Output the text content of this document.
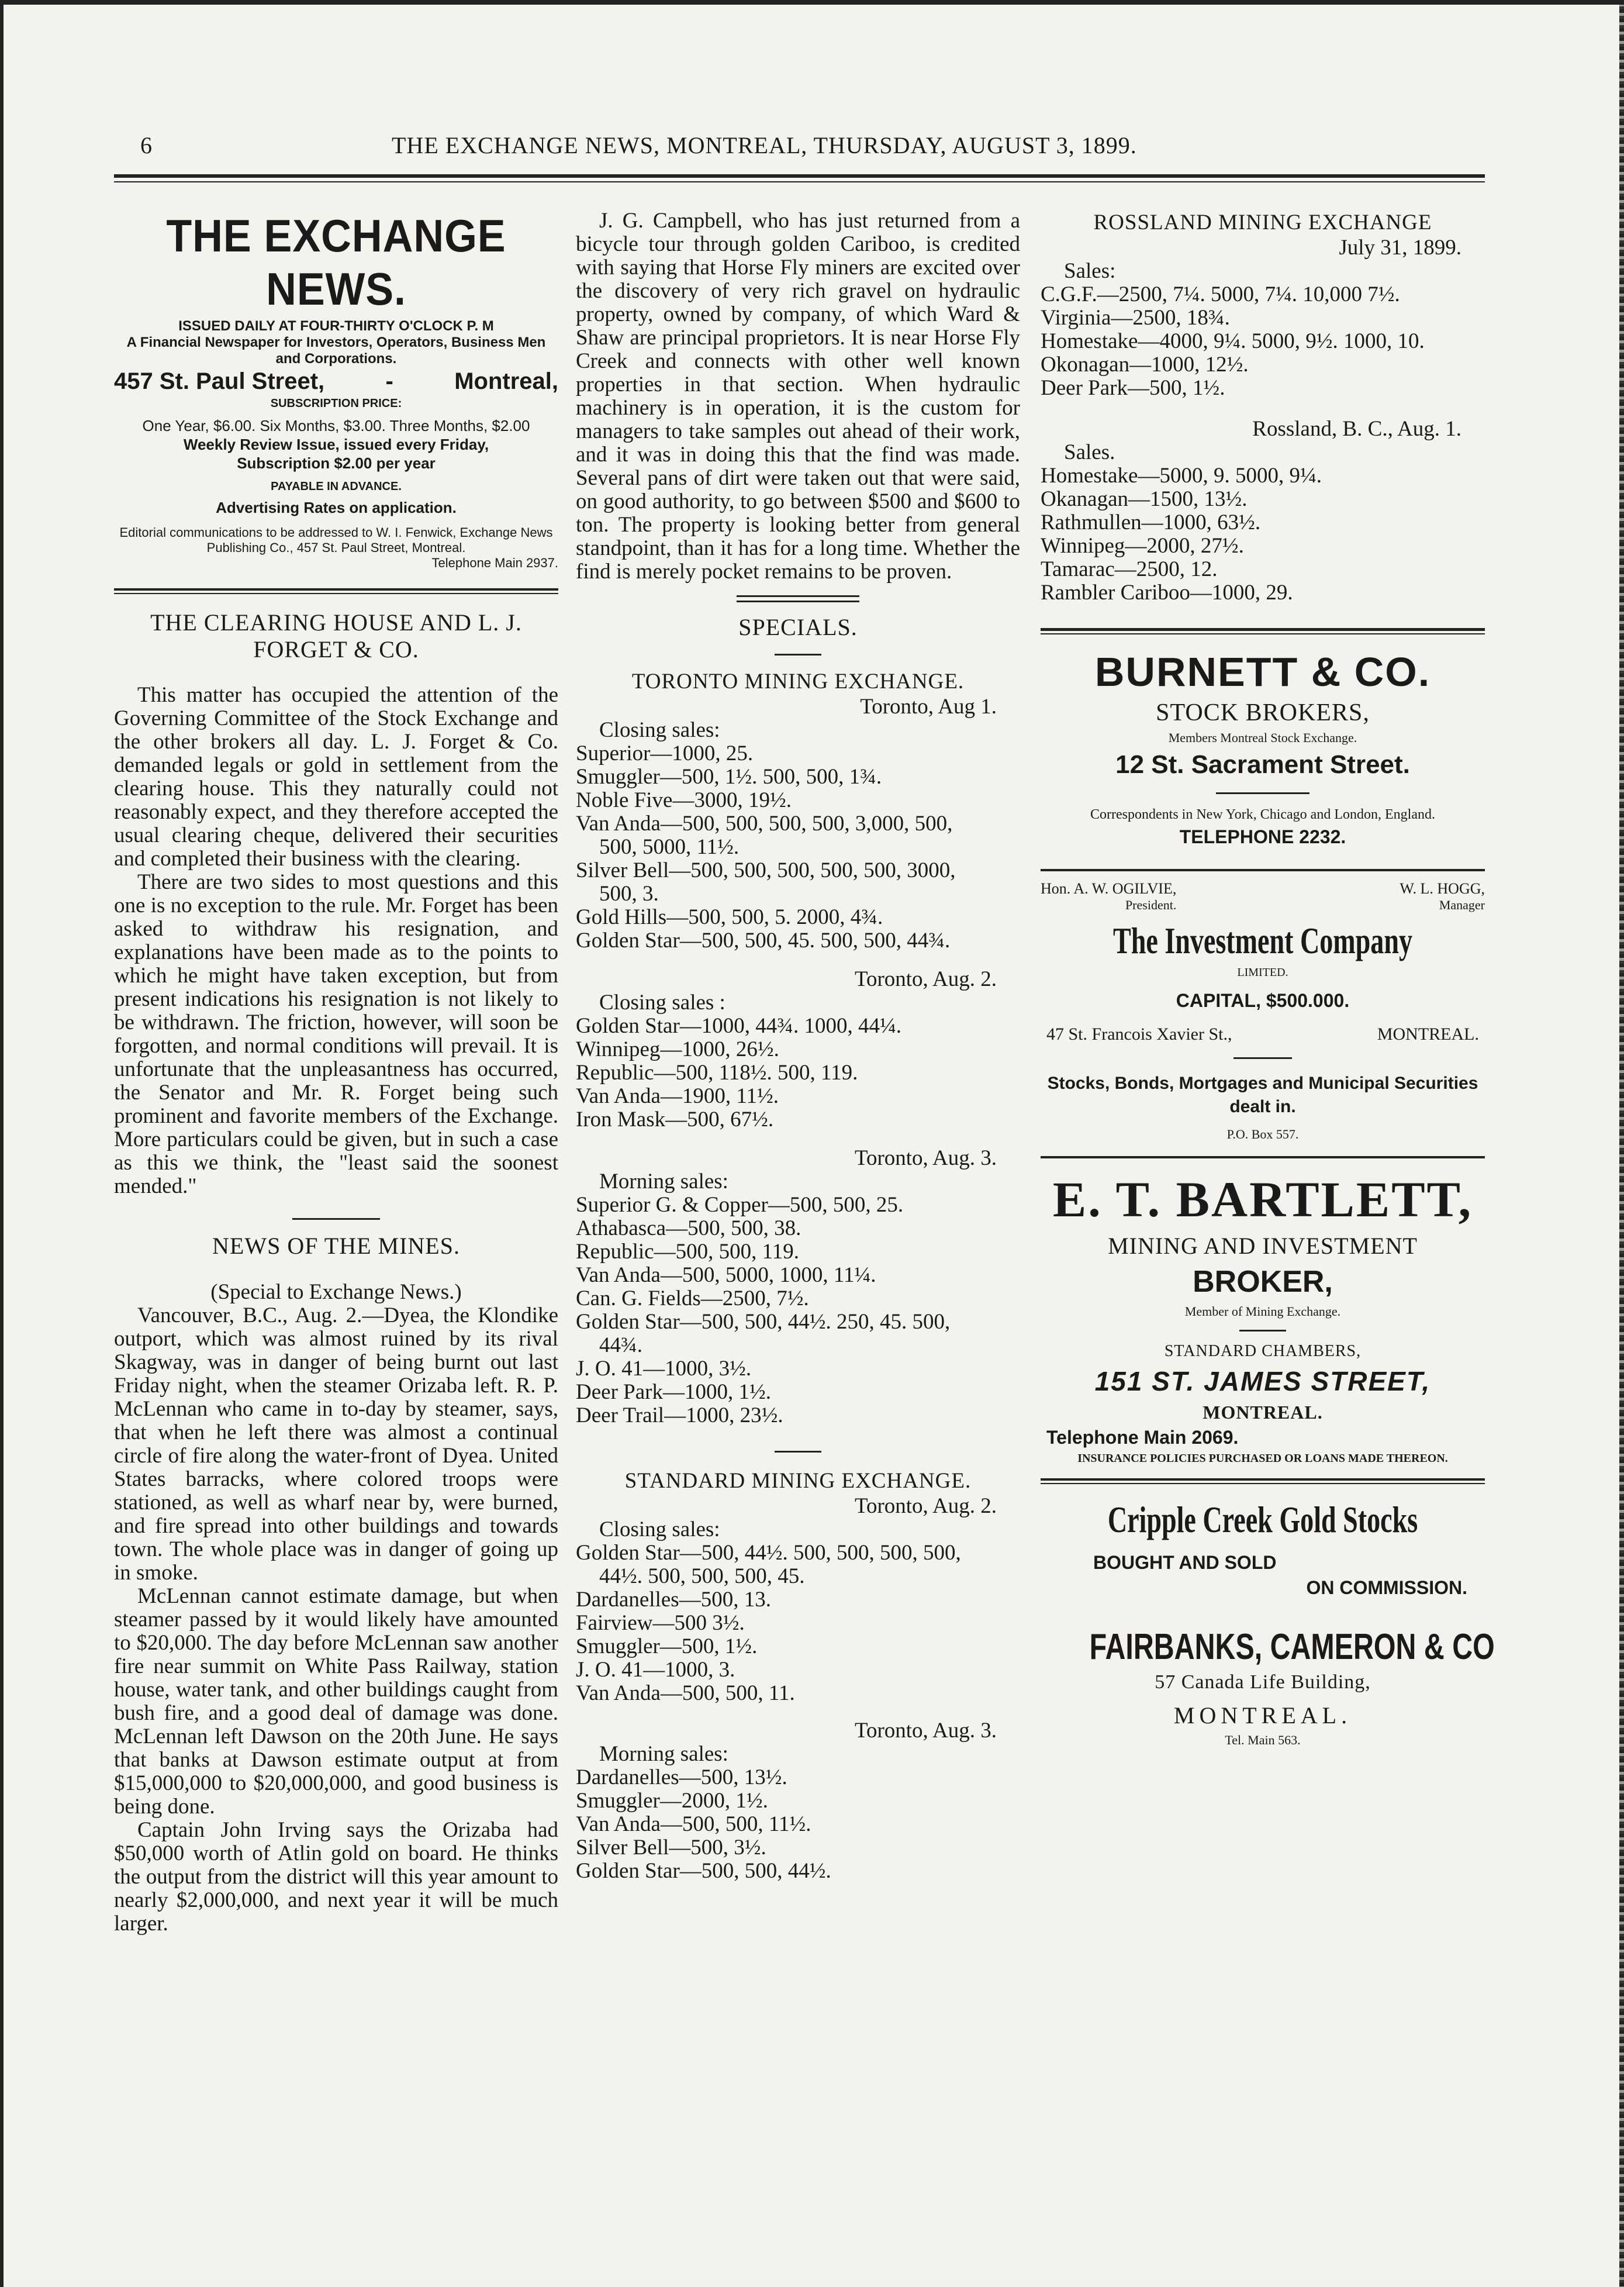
6	THE EXCHANGE NEWS, MONTREAL, THURSDAY, AUGUST 3, 1899.
THE EXCHANGE NEWS.
ISSUED DAILY AT FOUR-THIRTY O'CLOCK P. M
A Financial Newspaper for Investors, Operators, Business Men and Corporations.
457 St. Paul Street,	-	Montreal,
SUBSCRIPTION PRICE:
One Year, $6.00. Six Months, $3.00. Three Months, $2.00
Weekly Review Issue, issued every Friday,
Subscription $2.00 per year
PAYABLE IN ADVANCE.
Advertising Rates on application.
Editorial communications to be addressed to W. I. Fenwick, Exchange News Publishing Co., 457 St. Paul Street, Montreal.
Telephone Main 2937.

THE CLEARING HOUSE AND L. J.

FORGET & CO.

This matter has occupied the attention of the Governing Committee of the Stock Exchange and the other brokers all day. L. J. Forget & Co. demanded legals or gold in settlement from the clearing house. This they naturally could not reasonably expect, and they therefore accepted the usual clearing cheque, delivered their securities and completed their business with the clearing.

There are two sides to most questions and this one is no exception to the rule. Mr. Forget has been asked to withdraw his resignation, and explanations have been made as to the points to which he might have taken exception, but from present indications his resignation is not likely to be withdrawn. The friction, however, will soon be forgotten, and normal conditions will prevail. It is unfortunate that the unpleasantness has occurred, the Senator and Mr. R. Forget being such prominent and favorite members of the Exchange. More particulars could be given, but in such a case as this we think, the "least said the soonest mended."

NEWS OF THE MINES.

(Special to Exchange News.)

Vancouver, B.C., Aug. 2.—Dyea, the Klondike outport, which was almost ruined by its rival Skagway, was in danger of being burnt out last Friday night, when the steamer Orizaba left. R. P. McLennan who came in to-day by steamer, says, that when he left there was almost a continual circle of fire along the water-front of Dyea. United States barracks, where colored troops were stationed, as well as wharf near by, were burned, and fire spread into other buildings and towards town. The whole place was in danger of going up in smoke.

McLennan cannot estimate damage, but when steamer passed by it would likely have amounted to $20,000. The day before McLennan saw another fire near summit on White Pass Railway, station house, water tank, and other buildings caught from bush fire, and a good deal of damage was done. McLennan left Dawson on the 20th June. He says that banks at Dawson estimate output at from $15,000,000 to $20,000,000, and good business is being done.

Captain John Irving says the Orizaba had $50,000 worth of Atlin gold on board. He thinks the output from the district will this year amount to nearly $2,000,000, and next year it will be much larger.

J. G. Campbell, who has just returned from a bicycle tour through golden Cariboo, is credited with saying that Horse Fly miners are excited over the discovery of very rich gravel on hydraulic property, owned by company, of which Ward & Shaw are principal proprietors. It is near Horse Fly Creek and connects with other well known properties in that section. When hydraulic machinery is in operation, it is the custom for managers to take samples out ahead of their work, and it was in doing this that the find was made. Several pans of dirt were taken out that were said, on good authority, to go between $500 and $600 to ton. The property is looking better from general standpoint, than it has for a long time. Whether the find is merely pocket remains to be proven.

SPECIALS.

TORONTO MINING EXCHANGE.

Toronto, Aug 1.

Closing sales:

Superior—1000, 25.

Smuggler—500, 1½. 500, 500, 1¾.

Noble Five—3000, 19½.

Van Anda—500, 500, 500, 500, 3,000, 500,

500, 5000, 11½.

Silver Bell—500, 500, 500, 500, 500, 3000,

500, 3.

Gold Hills—500, 500, 5. 2000, 4¾.

Golden Star—500, 500, 45. 500, 500, 44¾.

Toronto, Aug. 2.

Closing sales :

Golden Star—1000, 44¾. 1000, 44¼.

Winnipeg—1000, 26½.

Republic—500, 118½. 500, 119.

Van Anda—1900, 11½.

Iron Mask—500, 67½.

Toronto, Aug. 3.

Morning sales:

Superior G. & Copper—500, 500, 25.

Athabasca—500, 500, 38.

Republic—500, 500, 119.

Van Anda—500, 5000, 1000, 11¼.

Can. G. Fields—2500, 7½.

Golden Star—500, 500, 44½. 250, 45. 500,

44¾.

J. O. 41—1000, 3½.

Deer Park—1000, 1½.

Deer Trail—1000, 23½.

STANDARD MINING EXCHANGE.

Toronto, Aug. 2.

Closing sales:

Golden Star—500, 44½. 500, 500, 500, 500,

44½. 500, 500, 500, 45.

Dardanelles—500, 13.

Fairview—500 3½.

Smuggler—500, 1½.

J. O. 41—1000, 3.

Van Anda—500, 500, 11.

Toronto, Aug. 3.

Morning sales:

Dardanelles—500, 13½.

Smuggler—2000, 1½.

Van Anda—500, 500, 11½.

Silver Bell—500, 3½.

Golden Star—500, 500, 44½.

ROSSLAND MINING EXCHANGE

July 31, 1899.

Sales:

C.G.F.—2500, 7¼. 5000, 7¼. 10,000 7½.

Virginia—2500, 18¾.

Homestake—4000, 9¼. 5000, 9½. 1000, 10.

Okonagan—1000, 12½.

Deer Park—500, 1½.

Rossland, B. C., Aug. 1.

Sales.

Homestake—5000, 9. 5000, 9¼.

Okanagan—1500, 13½.

Rathmullen—1000, 63½.

Winnipeg—2000, 27½.

Tamarac—2500, 12.

Rambler Cariboo—1000, 29.

BURNETT & CO.
STOCK BROKERS,
Members Montreal Stock Exchange.
12 St. Sacrament Street.
Correspondents in New York, Chicago and London, England.
TELEPHONE 2232.
Hon. A. W. OGILVIE,
President.
W. L. HOGG,
Manager
The Investment Company
LIMITED.
CAPITAL, $500.000.
47 St. Francois Xavier St.,	MONTREAL.
Stocks, Bonds, Mortgages and Municipal Securities dealt in.
P.O. Box 557.
E. T. BARTLETT,
MINING AND INVESTMENT
BROKER,
Member of Mining Exchange.
STANDARD CHAMBERS,
151 ST. JAMES STREET,
MONTREAL.
Telephone Main 2069.
INSURANCE POLICIES PURCHASED OR LOANS MADE THEREON.
Cripple Creek Gold Stocks
BOUGHT AND SOLD
ON COMMISSION.
FAIRBANKS, CAMERON & CO
57 Canada Life Building,
MONTREAL.
Tel. Main 563.
